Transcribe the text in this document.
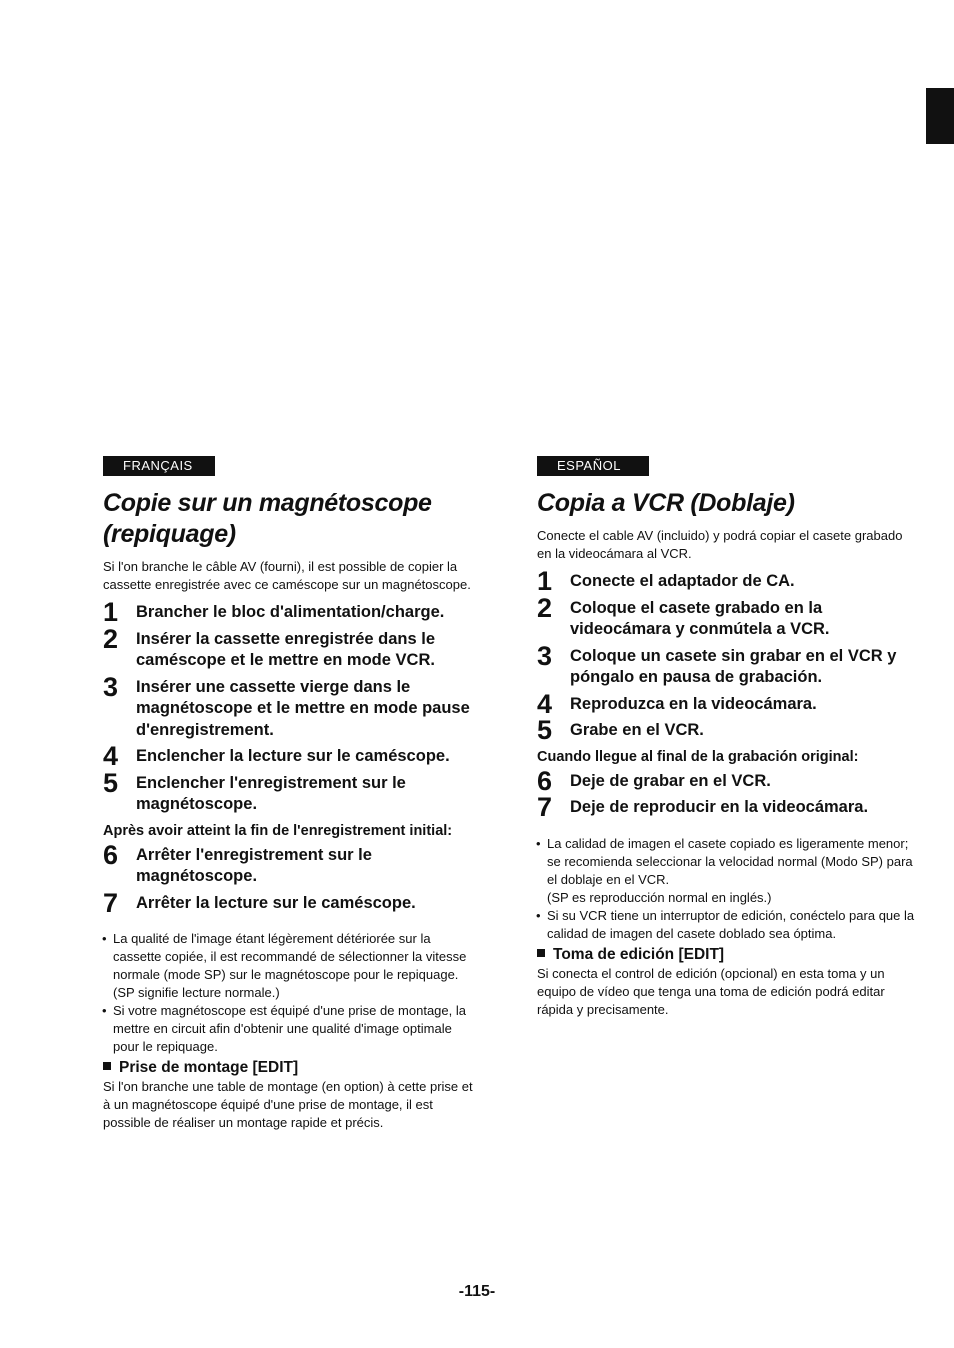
FRANÇAIS
Copie sur un magnétoscope
(repiquage)

Si l'on branche le câble AV (fourni), il est possible de copier la cassette enregistrée avec ce caméscope sur un magnétoscope.

1 Brancher le bloc d'alimentation/charge.
2 Insérer la cassette enregistrée dans le caméscope et le mettre en mode VCR.
3 Insérer une cassette vierge dans le magnétoscope et le mettre en mode pause d'enregistrement.
4 Enclencher la lecture sur le caméscope.
5 Enclencher l'enregistrement sur le magnétoscope.
Après avoir atteint la fin de l'enregistrement initial:
6 Arrêter l'enregistrement sur le magnétoscope.
7 Arrêter la lecture sur le caméscope.
• La qualité de l'image étant légèrement détériorée sur la cassette copiée, il est recommandé de sélectionner la vitesse normale (mode SP) sur le magnétoscope pour le repiquage.
(SP signifie lecture normale.)
• Si votre magnétoscope est équipé d'une prise de montage, la mettre en circuit afin d'obtenir une qualité d'image optimale pour le repiquage.
Prise de montage [EDIT]

Si l'on branche une table de montage (en option) à cette prise et à un magnétoscope équipé d'une prise de montage, il est possible de réaliser un montage rapide et précis.

ESPAÑOL
Copia a VCR (Doblaje)

Conecte el cable AV (incluido) y podrá copiar el casete grabado en la videocámara al VCR.

1 Conecte el adaptador de CA.
2 Coloque el casete grabado en la videocámara y conmútela a VCR.
3 Coloque un casete sin grabar en el VCR y póngalo en pausa de grabación.
4 Reproduzca en la videocámara.
5 Grabe en el VCR.
Cuando llegue al final de la grabación original:
6 Deje de grabar en el VCR.
7 Deje de reproducir en la videocámara.
• La calidad de imagen el casete copiado es ligeramente menor; se recomienda seleccionar la velocidad normal (Modo SP) para el doblaje en el VCR.
(SP es reproducción normal en inglés.)
• Si su VCR tiene un interruptor de edición, conéctelo para que la calidad de imagen del casete doblado sea óptima.
Toma de edición [EDIT]

Si conecta el control de edición (opcional) en esta toma y un equipo de vídeo que tenga una toma de edición podrá editar rápida y precisamente.

-115-
